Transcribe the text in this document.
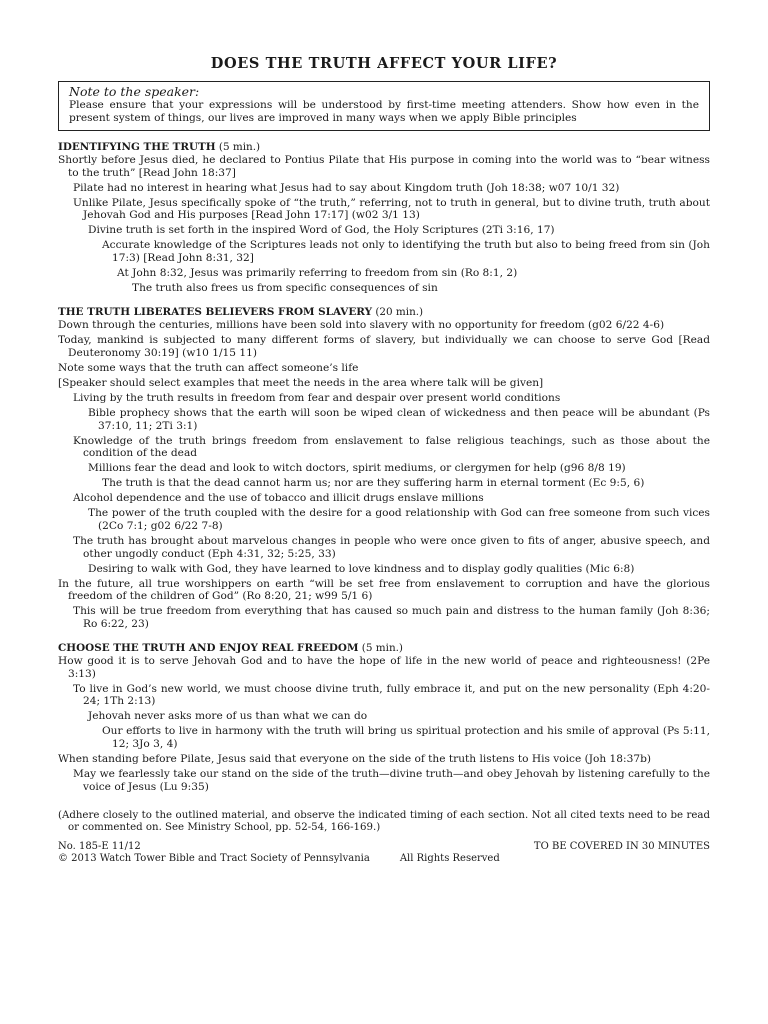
DOES THE TRUTH AFFECT YOUR LIFE?
Note to the speaker:
Please ensure that your expressions will be understood by first-time meeting attenders. Show how even in the present system of things, our lives are improved in many ways when we apply Bible principles
IDENTIFYING THE TRUTH (5 min.)
Shortly before Jesus died, he declared to Pontius Pilate that His purpose in coming into the world was to “bear witness to the truth” [Read John 18:37]
Pilate had no interest in hearing what Jesus had to say about Kingdom truth (Joh 18:38; w07 10/1 32)
Unlike Pilate, Jesus specifically spoke of “the truth,” referring, not to truth in general, but to divine truth, truth about Jehovah God and His purposes [Read John 17:17] (w02 3/1 13)
Divine truth is set forth in the inspired Word of God, the Holy Scriptures (2Ti 3:16, 17)
Accurate knowledge of the Scriptures leads not only to identifying the truth but also to being freed from sin (Joh 17:3) [Read John 8:31, 32]
At John 8:32, Jesus was primarily referring to freedom from sin (Ro 8:1, 2)
The truth also frees us from specific consequences of sin
THE TRUTH LIBERATES BELIEVERS FROM SLAVERY (20 min.)
Down through the centuries, millions have been sold into slavery with no opportunity for freedom (g02 6/22 4-6)
Today, mankind is subjected to many different forms of slavery, but individually we can choose to serve God [Read Deuteronomy 30:19] (w10 1/15 11)
Note some ways that the truth can affect someone’s life
[Speaker should select examples that meet the needs in the area where talk will be given]
Living by the truth results in freedom from fear and despair over present world conditions
Bible prophecy shows that the earth will soon be wiped clean of wickedness and then peace will be abundant (Ps 37:10, 11; 2Ti 3:1)
Knowledge of the truth brings freedom from enslavement to false religious teachings, such as those about the condition of the dead
Millions fear the dead and look to witch doctors, spirit mediums, or clergymen for help (g96 8/8 19)
The truth is that the dead cannot harm us; nor are they suffering harm in eternal torment (Ec 9:5, 6)
Alcohol dependence and the use of tobacco and illicit drugs enslave millions
The power of the truth coupled with the desire for a good relationship with God can free someone from such vices (2Co 7:1; g02 6/22 7-8)
The truth has brought about marvelous changes in people who were once given to fits of anger, abusive speech, and other ungodly conduct (Eph 4:31, 32; 5:25, 33)
Desiring to walk with God, they have learned to love kindness and to display godly qualities (Mic 6:8)
In the future, all true worshippers on earth “will be set free from enslavement to corruption and have the glorious freedom of the children of God” (Ro 8:20, 21; w99 5/1 6)
This will be true freedom from everything that has caused so much pain and distress to the human family (Joh 8:36; Ro 6:22, 23)
CHOOSE THE TRUTH AND ENJOY REAL FREEDOM (5 min.)
How good it is to serve Jehovah God and to have the hope of life in the new world of peace and righteousness! (2Pe 3:13)
To live in God’s new world, we must choose divine truth, fully embrace it, and put on the new personality (Eph 4:20-24; 1Th 2:13)
Jehovah never asks more of us than what we can do
Our efforts to live in harmony with the truth will bring us spiritual protection and his smile of approval (Ps 5:11, 12; 3Jo 3, 4)
When standing before Pilate, Jesus said that everyone on the side of the truth listens to His voice (Joh 18:37b)
May we fearlessly take our stand on the side of the truth—divine truth—and obey Jehovah by listening carefully to the voice of Jesus (Lu 9:35)
(Adhere closely to the outlined material, and observe the indicated timing of each section. Not all cited texts need to be read or commented on. See Ministry School, pp. 52-54, 166-169.)
No. 185-E 11/12	TO BE COVERED IN 30 MINUTES
© 2013 Watch Tower Bible and Tract Society of Pennsylvania	All Rights Reserved
